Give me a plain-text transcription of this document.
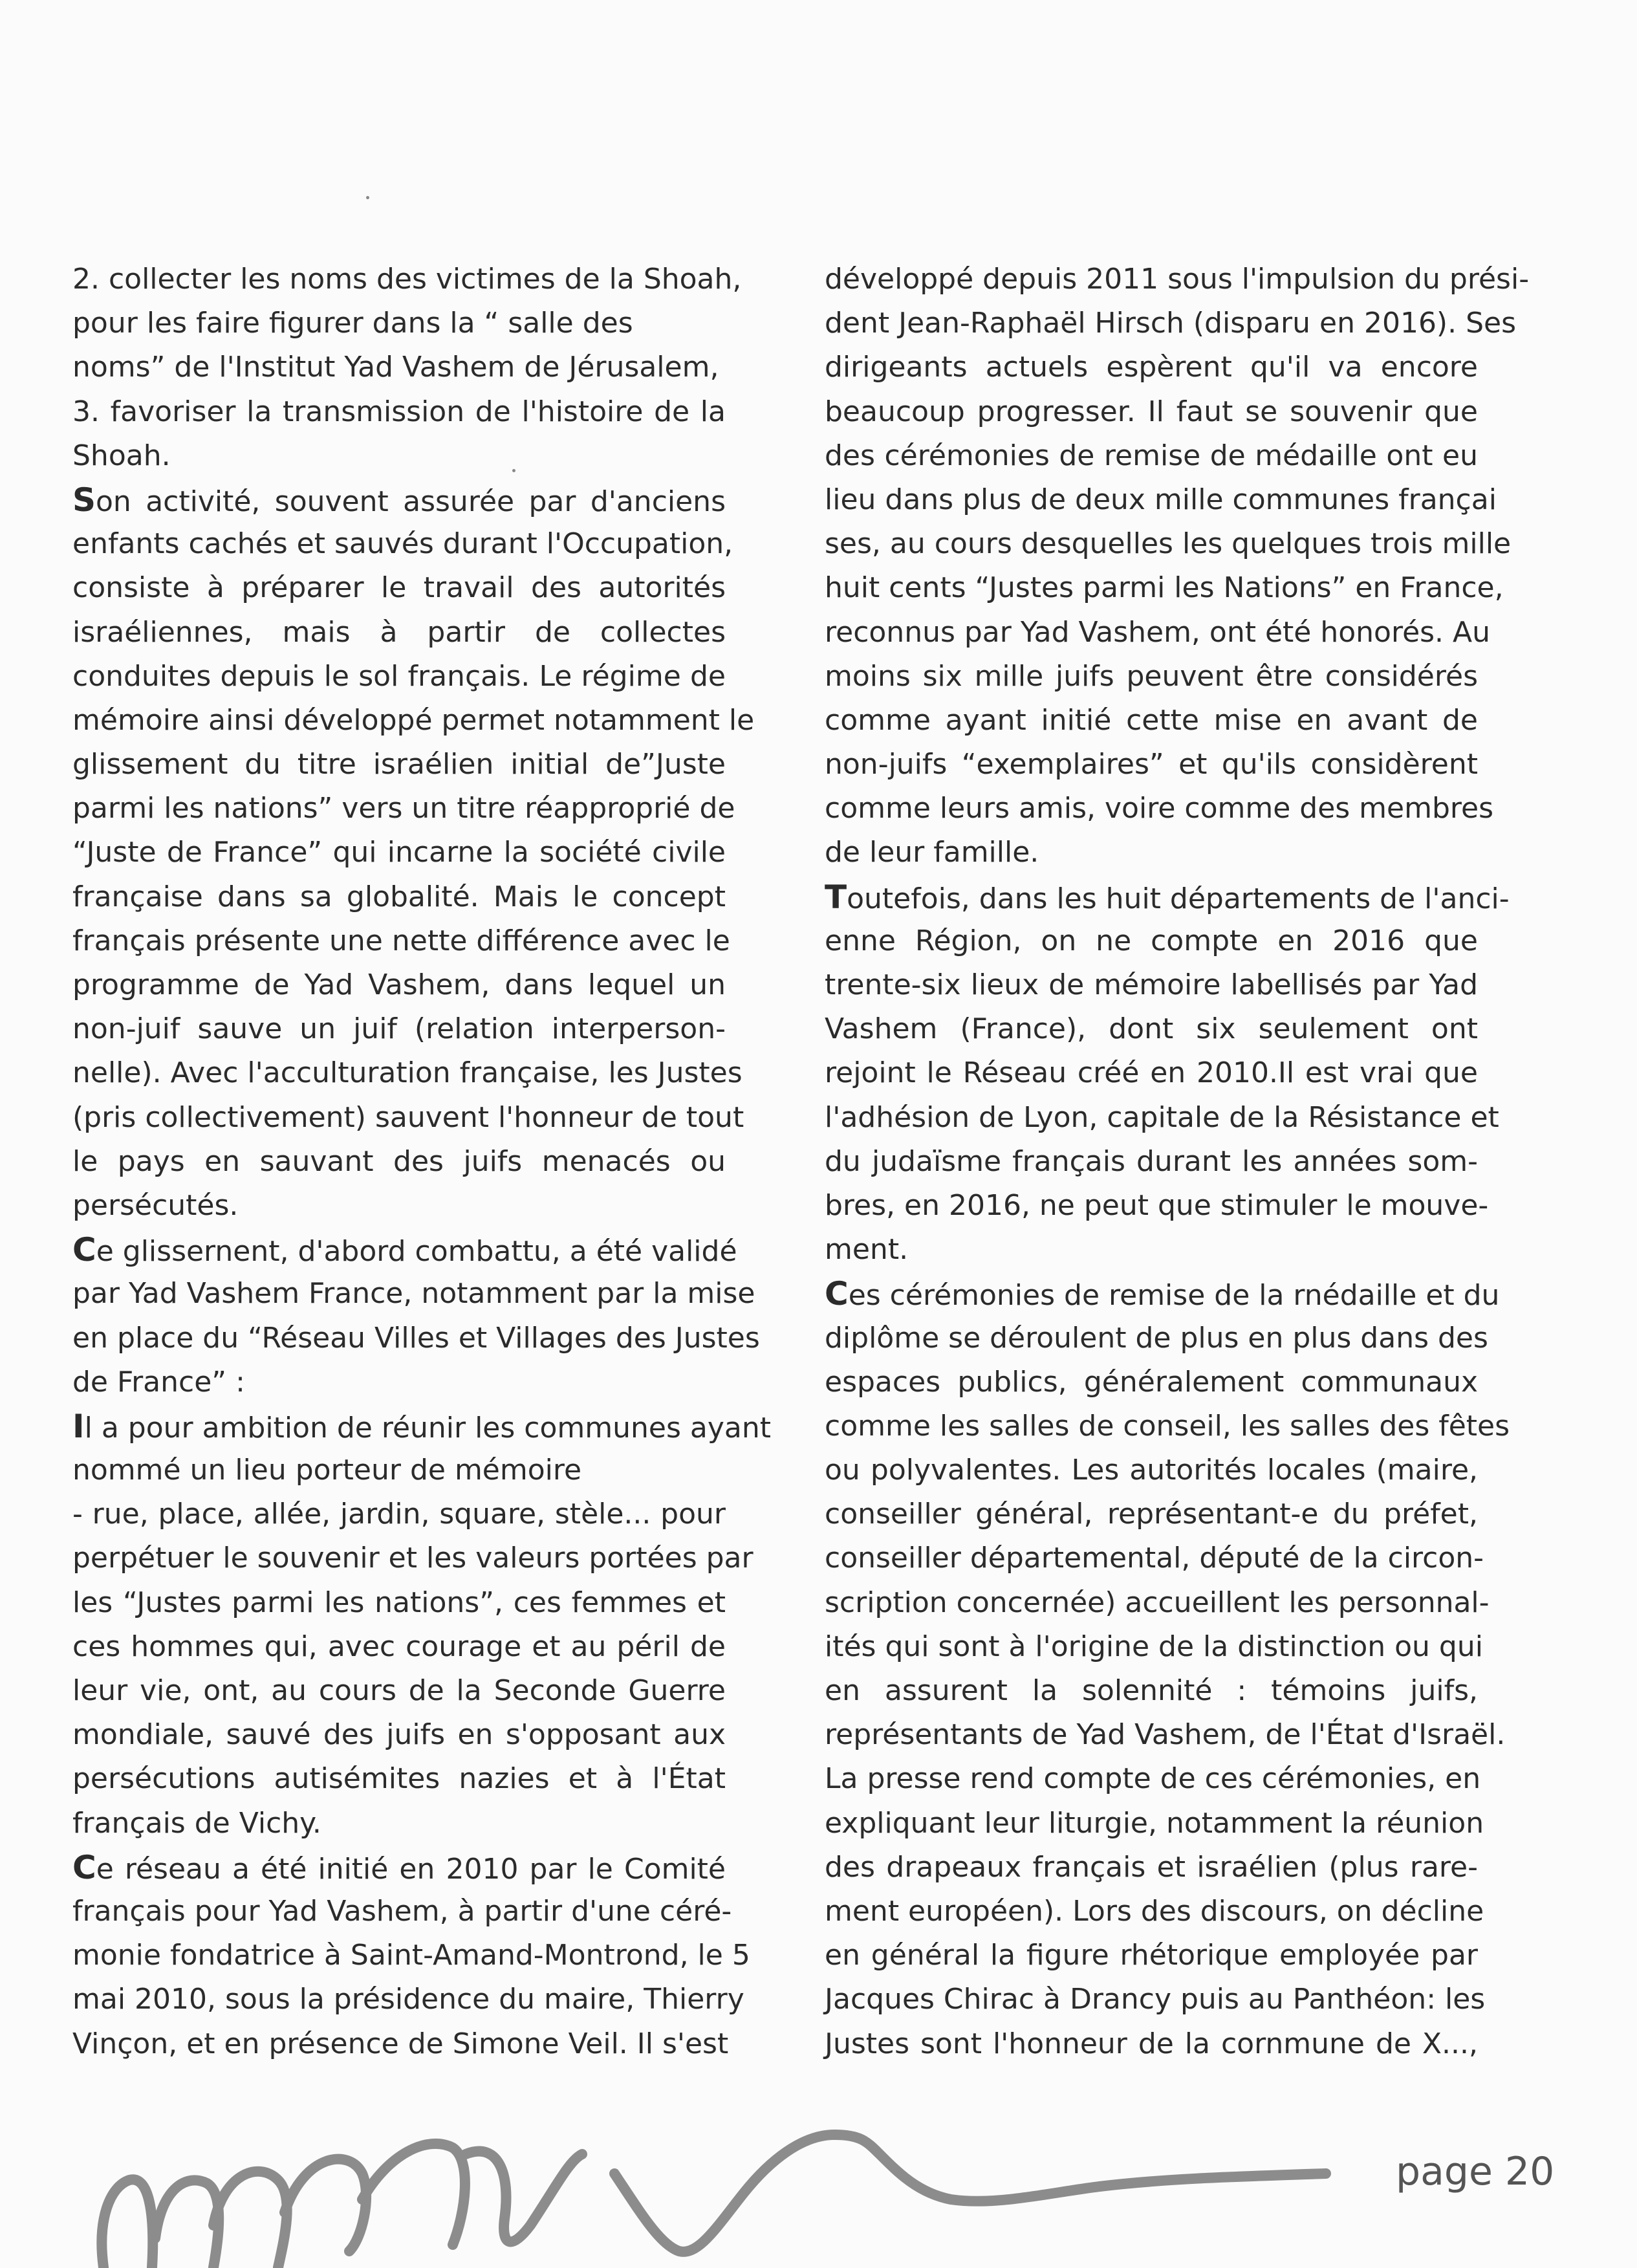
2. collecter les noms des victimes de la Shoah,
pour les faire figurer dans la “ salle des
noms” de l'Institut Yad Vashem de Jérusalem,
3. favoriser la transmission de l'histoire de la
Shoah.
Son activité, souvent assurée par d'anciens
enfants cachés et sauvés durant l'Occupation,
consiste à préparer le travail des autorités
israéliennes, mais à partir de collectes
conduites depuis le sol français. Le régime de
mémoire ainsi développé permet notamment le
glissement du titre israélien initial de”Juste
parmi les nations” vers un titre réapproprié de
“Juste de France” qui incarne la société civile
française dans sa globalité. Mais le concept
français présente une nette différence avec le
programme de Yad Vashem, dans lequel un
non-juif sauve un juif (relation interperson-
nelle). Avec l'acculturation française, les Justes
(pris collectivement) sauvent l'honneur de tout
le pays en sauvant des juifs menacés ou
persécutés.
Ce glissernent, d'abord combattu, a été validé
par Yad Vashem France, notamment par la mise
en place du “Réseau Villes et Villages des Justes
de France” :
Il a pour ambition de réunir les communes ayant
nommé un lieu porteur de mémoire
- rue, place, allée, jardin, square, stèle... pour
perpétuer le souvenir et les valeurs portées par
les “Justes parmi les nations”, ces femmes et
ces hommes qui, avec courage et au péril de
leur vie, ont, au cours de la Seconde Guerre
mondiale, sauvé des juifs en s'opposant aux
persécutions autisémites nazies et à l'État
français de Vichy.
Ce réseau a été initié en 2010 par le Comité
français pour Yad Vashem, à partir d'une céré-
monie fondatrice à Saint-Amand-Montrond, le 5
mai 2010, sous la présidence du maire, Thierry
Vinçon, et en présence de Simone Veil. Il s'est
développé depuis 2011 sous l'impulsion du prési-
dent Jean-Raphaël Hirsch (disparu en 2016). Ses
dirigeants actuels espèrent qu'il va encore
beaucoup progresser. Il faut se souvenir que
des cérémonies de remise de médaille ont eu
lieu dans plus de deux mille communes françai
ses, au cours desquelles les quelques trois mille
huit cents “Justes parmi les Nations” en France,
reconnus par Yad Vashem, ont été honorés. Au
moins six mille juifs peuvent être considérés
comme ayant initié cette mise en avant de
non-juifs “exemplaires” et qu'ils considèrent
comme leurs amis, voire comme des membres
de leur famille.
Toutefois, dans les huit départements de l'anci-
enne Région, on ne compte en 2016 que
trente-six lieux de mémoire labellisés par Yad
Vashem (France), dont six seulement ont
rejoint le Réseau créé en 2010.Il est vrai que
l'adhésion de Lyon, capitale de la Résistance et
du judaïsme français durant les années som-
bres, en 2016, ne peut que stimuler le mouve-
ment.
Ces cérémonies de remise de la rnédaille et du
diplôme se déroulent de plus en plus dans des
espaces publics, généralement communaux
comme les salles de conseil, les salles des fêtes
ou polyvalentes. Les autorités locales (maire,
conseiller général, représentant-e du préfet,
conseiller départemental, député de la circon-
scription concernée) accueillent les personnal-
ités qui sont à l'origine de la distinction ou qui
en assurent la solennité : témoins juifs,
représentants de Yad Vashem, de l'État d'Israël.
La presse rend compte de ces cérémonies, en
expliquant leur liturgie, notamment la réunion
des drapeaux français et israélien (plus rare-
ment européen). Lors des discours, on décline
en général la figure rhétorique employée par
Jacques Chirac à Drancy puis au Panthéon: les
Justes sont l'honneur de la cornmune de X...,
page 20
